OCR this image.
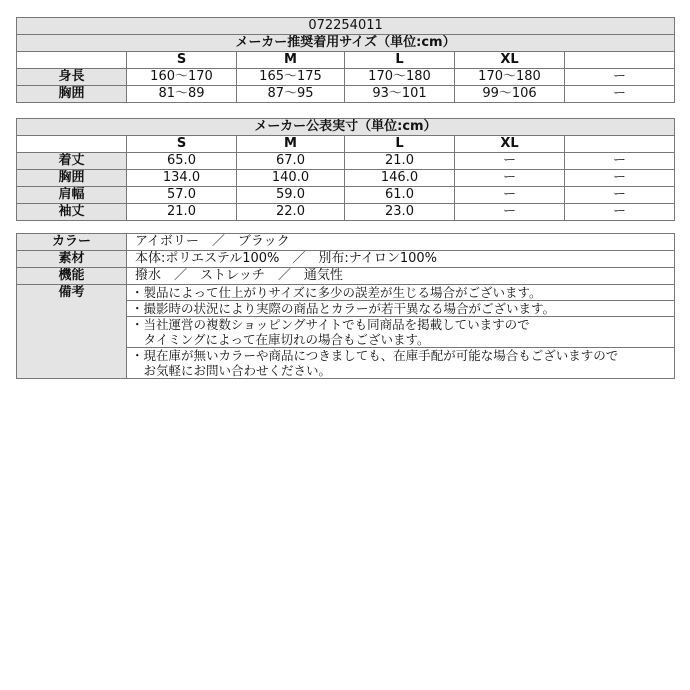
072254011					
メーカー推奨着用サイズ（単位:cm）					
	S	M	L	XL	
身長	160〜170	165〜175	170〜180	170〜180	ー
胸囲	81〜89	87〜95	93〜101	99〜106	ー
メーカー公表実寸（単位:cm）					
	S	M	L	XL	
着丈	65.0	67.0	21.0	ー	ー
胸囲	134.0	140.0	146.0	ー	ー
肩幅	57.0	59.0	61.0	ー	ー
袖丈	21.0	22.0	23.0	ー	ー
カラー	アイボリー　／　ブラック
素材	本体:ポリエステル100%　／　別布:ナイロン100%
機能	撥水　／　ストレッチ　／　通気性
備考	・製品によって仕上がりサイズに多少の誤差が生じる場合がございます。

	・撮影時の状況により実際の商品とカラーが若干異なる場合がございます。

	・当社運営の複数ショッピングサイトでも同商品を掲載していますので
　タイミングによって在庫切れの場合もございます。

	・現在庫が無いカラーや商品につきましても、在庫手配が可能な場合もございますので
　お気軽にお問い合わせください。
